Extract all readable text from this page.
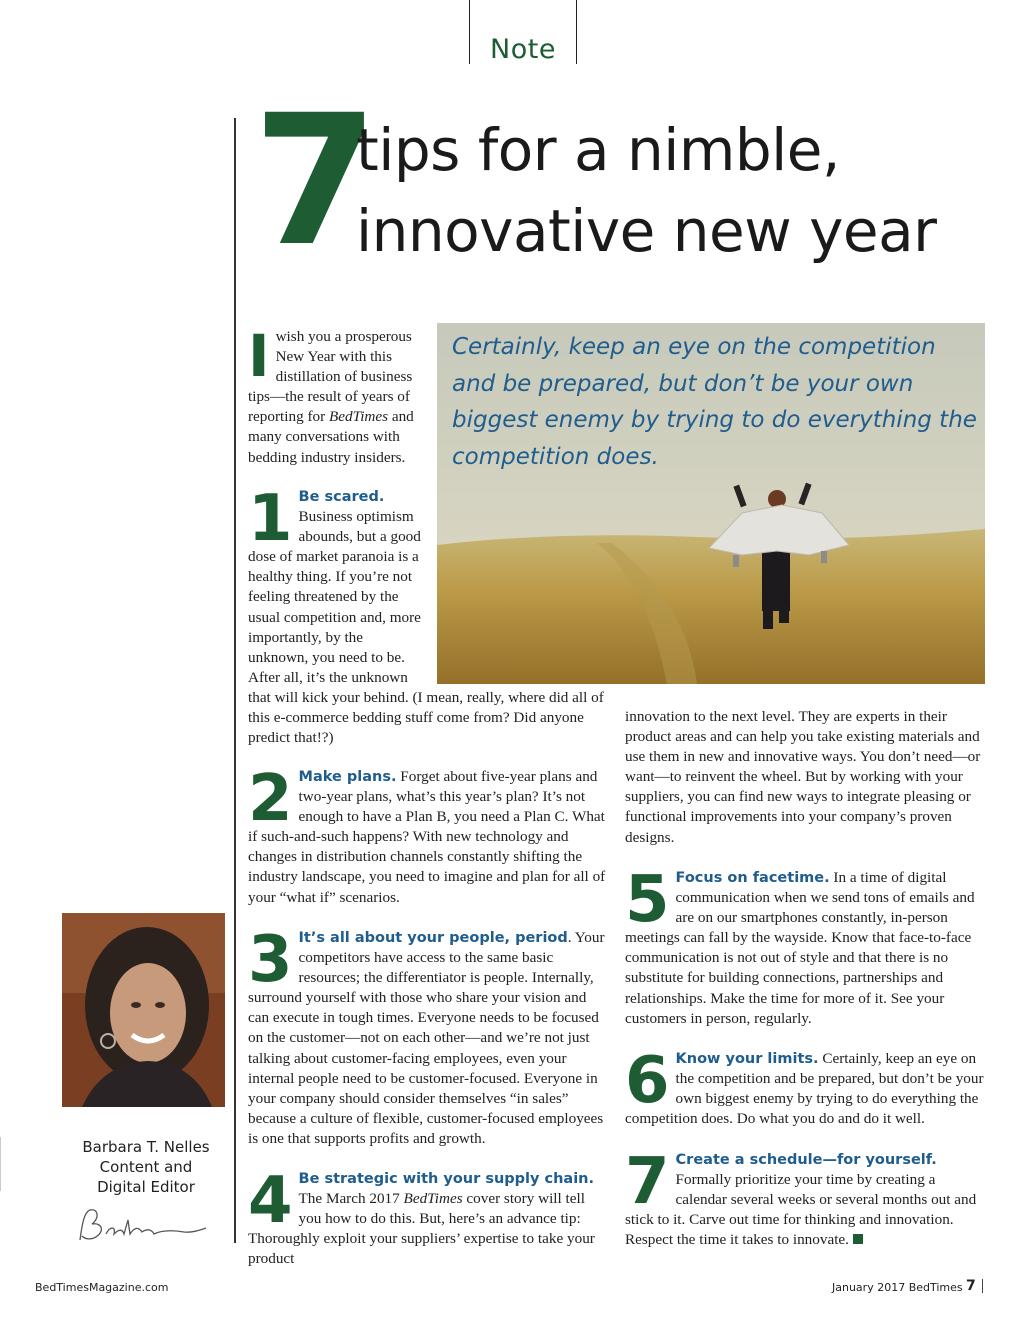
Note
7
tips for a nimble,
innovative new year
Certainly, keep an eye on the competition and be prepared, but don’t be your own biggest enemy by trying to do everything the competition does.
I wish you a prosperous
New Year with this
distillation of business
tips—the result of years of reporting for BedTimes and many conversations with bedding industry insiders.
1 Be scared. Business optimism abounds, but a good dose of market paranoia is a healthy thing. If you’re not feeling threatened by the usual competition and, more importantly, by the unknown, you need to be. After all, it’s the unknown that will kick your behind. (I mean, really, where did all of this e-commerce bedding stuff come from? Did anyone predict that!?)
2 Make plans. Forget about five-year plans and two-year plans, what’s this year’s plan? It’s not enough to have a Plan B, you need a Plan C. What if such-and-such happens? With new technology and changes in distribution channels constantly shifting the industry landscape, you need to imagine and plan for all of your “what if” scenarios.
3 It’s all about your people, period. Your competitors have access to the same basic resources; the differentiator is people. Internally, surround yourself with those who share your vision and can execute in tough times. Everyone needs to be focused on the customer—not on each other—and we’re not just talking about customer-facing employees, even your internal people need to be customer-focused. Everyone in your company should consider themselves “in sales” because a culture of flexible, customer-focused employees is one that supports profits and growth.
4 Be strategic with your supply chain. The March 2017 BedTimes cover story will tell you how to do this. But, here’s an advance tip: Thoroughly exploit your suppliers’ expertise to take your product
innovation to the next level. They are experts in their product areas and can help you take existing materials and use them in new and innovative ways. You don’t need—or want—to reinvent the wheel. But by working with your suppliers, you can find new ways to integrate pleasing or functional improvements into your company’s proven designs.
5 Focus on facetime. In a time of digital communication when we send tons of emails and are on our smartphones constantly, in-person meetings can fall by the wayside. Know that face-to-face communication is not out of style and that there is no substitute for building connections, partnerships and relationships. Make the time for more of it. See your customers in person, regularly.
6 Know your limits. Certainly, keep an eye on the competition and be prepared, but don’t be your own biggest enemy by trying to do everything the competition does. Do what you do and do it well.
7 Create a schedule—for yourself. Formally prioritize your time by creating a calendar several weeks or several months out and stick to it. Carve out time for thinking and innovation. Respect the time it takes to innovate.
Barbara T. Nelles
Content and
Digital Editor
BedTimesMagazine.com	January 2017 BedTimes 7
